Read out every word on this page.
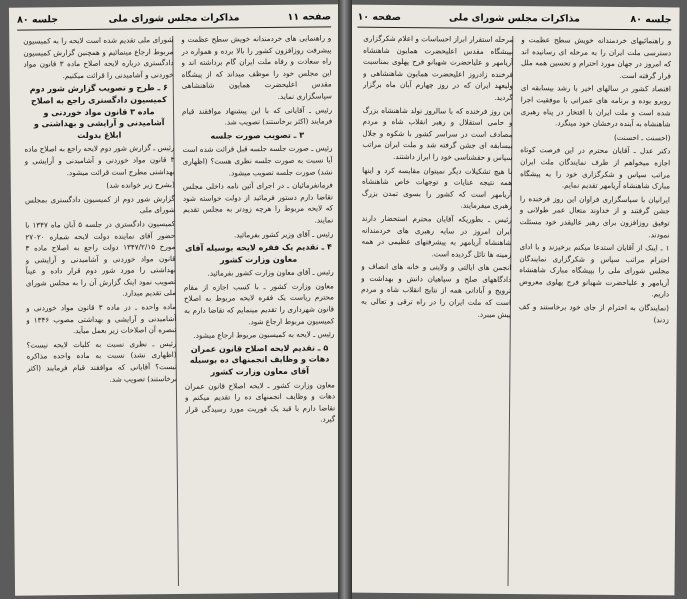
صفحه ۱۱
مذاکرات مجلس شورای ملی
جلسه ۸۰

و راهنمایی های خردمندانه خویش سطح عظمت و پیشرفت روزافزون کشور را بالا برده و همواره در راه سعادت و رفاه ملت ایران گام برداشته اند و این مجلس خود را موظف میداند که از پیشگاه مقدس اعلیحضرت همایون شاهنشاهی سپاسگزاری نماید.

رئیس ـ آقایانی که با این پیشنهاد موافقند قیام فرمایند (اکثر برخاستند) تصویب شد.

۳ ـ تصویب صورت جلسه

رئیس ـ صورت جلسه جلسه قبل قرائت شده است آیا نسبت به صورت جلسه نظری هست؟ (اظهاری نشد) صورت جلسه تصویب میشود.

فرمانفرمائیان ـ در اجرای آئین نامه داخلی مجلس تقاضا دارم دستور فرمائید از دولت خواسته شود که لایحه مربوط را هرچه زودتر به مجلس تقدیم نمایند.

رئیس ـ آقای وزیر کشور بفرمائید.

۴ ـ تقدیم یک فقره لایحه بوسیله آقای معاون وزارت کشور

رئیس ـ آقای معاون وزارت کشور بفرمائید.

معاون وزارت کشور ـ با کسب اجازه از مقام محترم ریاست یک فقره لایحه مربوط به اصلاح قانون شهرداری را تقدیم مینمایم که تقاضا دارم به کمیسیون مربوط ارجاع شود.

رئیس ـ لایحه به کمیسیون مربوط ارجاع میشود.

۵ ـ تقدیم لایحه اصلاح قانون عمران دهات و وظایف انجمنهای ده بوسیله آقای معاون وزارت کشور

معاون وزارت کشور ـ لایحه اصلاح قانون عمران دهات و وظایف انجمنهای ده را تقدیم میکنم و تقاضا دارم با قید یک فوریت مورد رسیدگی قرار گیرد.

شورای ملی تقدیم شده است لایحه را به کمیسیون مربوط ارجاع مینمائیم و همچنین گزارش کمیسیون دادگستری درباره لایحه اصلاح ماده ۳ قانون مواد خوردنی و آشامیدنی را قرائت میکنیم.

۶ ـ طرح و تصویب گزارش شور دوم کمیسیون دادگستری راجع به اصلاح ماده ۳ قانون مواد خوردنی و آشامیدنی و آرایشی و بهداشتی و ابلاغ بدولت

رئیس ـ گزارش شور دوم لایحه راجع به اصلاح ماده ۳ قانون مواد خوردنی و آشامیدنی و آرایشی و بهداشتی مطرح است قرائت میشود.

(بشرح زیر خوانده شد)

گزارش شور دوم از کمیسیون دادگستری بمجلس شورای ملی

کمیسیون دادگستری در جلسه ۵ آبان ماه ۱۳۴۷ با حضور آقای نماینده دولت لایحه شماره ۲۷۰۲۰ مورخ ۱۳۴۷/۲/۱۵ دولت راجع به اصلاح ماده ۳ قانون مواد خوردنی و آشامیدنی و آرایشی و بهداشتی را مورد شور دوم قرار داده و عیناً تصویب نمود اینک گزارش آن را به مجلس شورای ملی تقدیم میدارد.

ماده واحده ـ در ماده ۳ قانون مواد خوردنی و آشامیدنی و آرایشی و بهداشتی مصوب ۱۳۴۶ و تبصره آن اصلاحات زیر بعمل میآید.

رئیس ـ نظری نسبت به کلیات لایحه نیست؟ (اظهاری نشد) نسبت به ماده واحده مذاکره نیست؟ آقایانی که موافقند قیام فرمایند (اکثر برخاستند) تصویب شد.

جلسه ۸۰
مذاکرات مجلس شورای ملی
صفحه ۱۰

و راهنمائیهای خردمندانه خویش سطح عظمت و دسترسی ملت ایران را به مرحله ای رسانیده اند که امروز در جهان مورد احترام و تحسین همه ملل قرار گرفته است.

اقتصاد کشور در سالهای اخیر با رشد بیسابقه ای روبرو بوده و برنامه های عمرانی با موفقیت اجرا شده است و ملت ایران با افتخار در پناه رهبری شاهنشاه به آینده درخشان خود مینگرد.

(احسنت ـ احسنت)

دکتر عدل ـ آقایان محترم در این فرصت کوتاه اجازه میخواهم از طرف نمایندگان ملت ایران مراتب سپاس و شکرگزاری خود را به پیشگاه مبارک شاهنشاه آریامهر تقدیم نمایم.

ایرانیان با سپاسگزاری فراوان این روز فرخنده را جشن گرفتند و از خداوند متعال عمر طولانی و توفیق روزافزون برای رهبر عالیقدر خود مسئلت نمودند.

۱ ـ اینک از آقایان استدعا میکنم برخیزند و با ادای احترام مراتب سپاس و شکرگزاری نمایندگان مجلس شورای ملی را بپیشگاه مبارک شاهنشاه آریامهر و علیاحضرت شهبانو فرح پهلوی معروض داریم.

(نمایندگان به احترام از جای خود برخاستند و کف زدند)

مرحله استقرار ابراز احساسات و اعلام شکرگزاری بپیشگاه مقدس اعلیحضرت همایون شاهنشاه آریامهر و علیاحضرت شهبانو فرح پهلوی بمناسبت فرخنده زادروز اعلیحضرت همایون شاهنشاهی و ولیعهد ایران که در روز چهارم آبان ماه برگزار گردید.

این روز فرخنده که با سالروز تولد شاهنشاه بزرگ و حامی استقلال و رهبر انقلاب شاه و مردم مصادف است در سراسر کشور با شکوه و جلال بیسابقه ای جشن گرفته شد و ملت ایران مراتب سپاس و حقشناسی خود را ابراز داشتند.

با هیچ تشکیلات دیگر نمیتوان مقایسه کرد و اینها همه نتیجه عنایات و توجهات خاص شاهنشاه آریامهر است که کشور را بسوی تمدن بزرگ رهبری میفرمایند.

رئیس ـ بطوریکه آقایان محترم استحضار دارند ایران امروز در سایه رهبری های خردمندانه شاهنشاه آریامهر به پیشرفتهای عظیمی در همه زمینه ها نائل گردیده است.

انجمن های ایالتی و ولایتی و خانه های انصاف و دادگاههای صلح و سپاهیان دانش و بهداشت و ترویج و آبادانی همه از نتایج انقلاب شاه و مردم است که ملت ایران را در راه ترقی و تعالی به پیش میبرد.
